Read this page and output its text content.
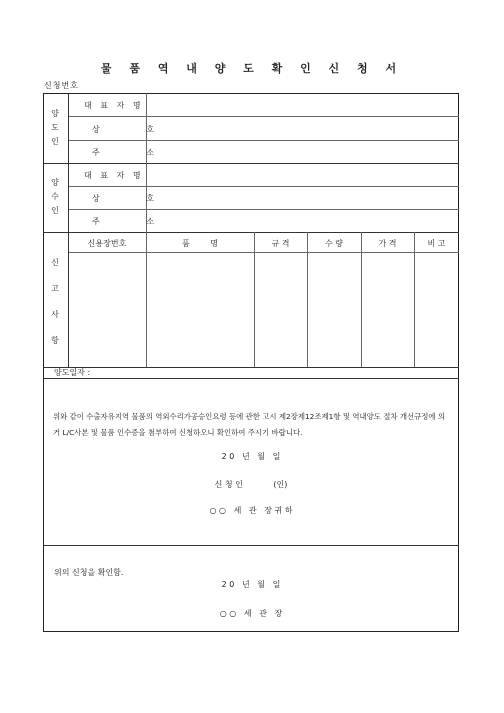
물 품 역 내 양 도 확 인 신 청 서
신청번호
양
도
인
대 표 자 명
상 호
주 소
양
수
인
대 표 자 명
상 호
주 소
신
고
사
항
신용장번호	품 명	규 격	수 량	가 격	비 고
양도일자 :
위와 같이 수출자유지역 물품의 역외수리가공승인요령 등에 관한 고시 제2장제12조제1항 및 역내양도 절차 개선규정에 의거 L/C사본 및 물품 인수증을 첨부하여 신청하오니 확인하여 주시기 바랍니다.
2 0   년   월   일
신 청 인            (인)
○ ○   세   관   장 귀 하
위의 신청을 확인함.
2 0   년   월   일
○ ○   세   관   장
